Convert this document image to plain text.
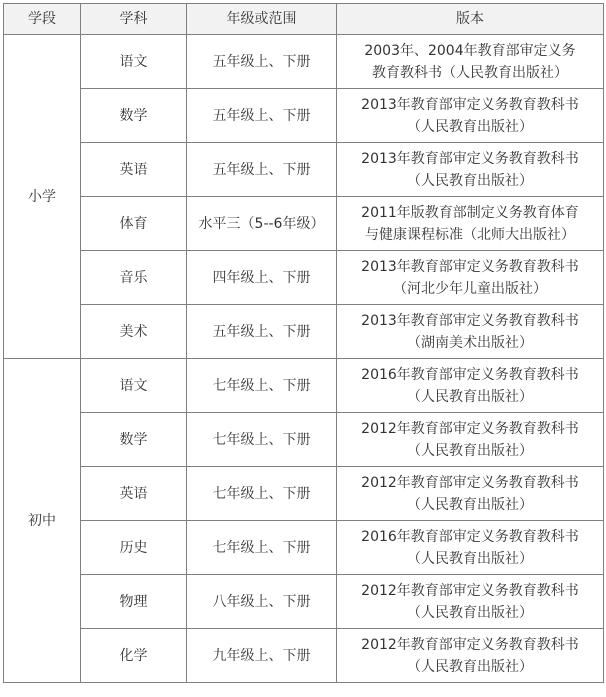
学段	学科	年级或范围	版本
小学	语文	五年级上、下册	2003年、2004年教育部审定义务
教育教科书（人民教育出版社）

	数学	五年级上、下册	2013年教育部审定义务教育教科书
（人民教育出版社）

	英语	五年级上、下册	2013年教育部审定义务教育教科书
（人民教育出版社）

	体育	水平三（5--6年级）	2011年版教育部制定义务教育体育
与健康课程标准（北师大出版社）

	音乐	四年级上、下册	2013年教育部审定义务教育教科书
（河北少年儿童出版社）

	美术	五年级上、下册	2013年教育部审定义务教育教科书
（湖南美术出版社）

初中	语文	七年级上、下册	2016年教育部审定义务教育教科书
（人民教育出版社）

	数学	七年级上、下册	2012年教育部审定义务教育教科书
（人民教育出版社）

	英语	七年级上、下册	2012年教育部审定义务教育教科书
（人民教育出版社）

	历史	七年级上、下册	2016年教育部审定义务教育教科书
（人民教育出版社）

	物理	八年级上、下册	2012年教育部审定义务教育教科书
（人民教育出版社）

	化学	九年级上、下册	2012年教育部审定义务教育教科书
（人民教育出版社）
